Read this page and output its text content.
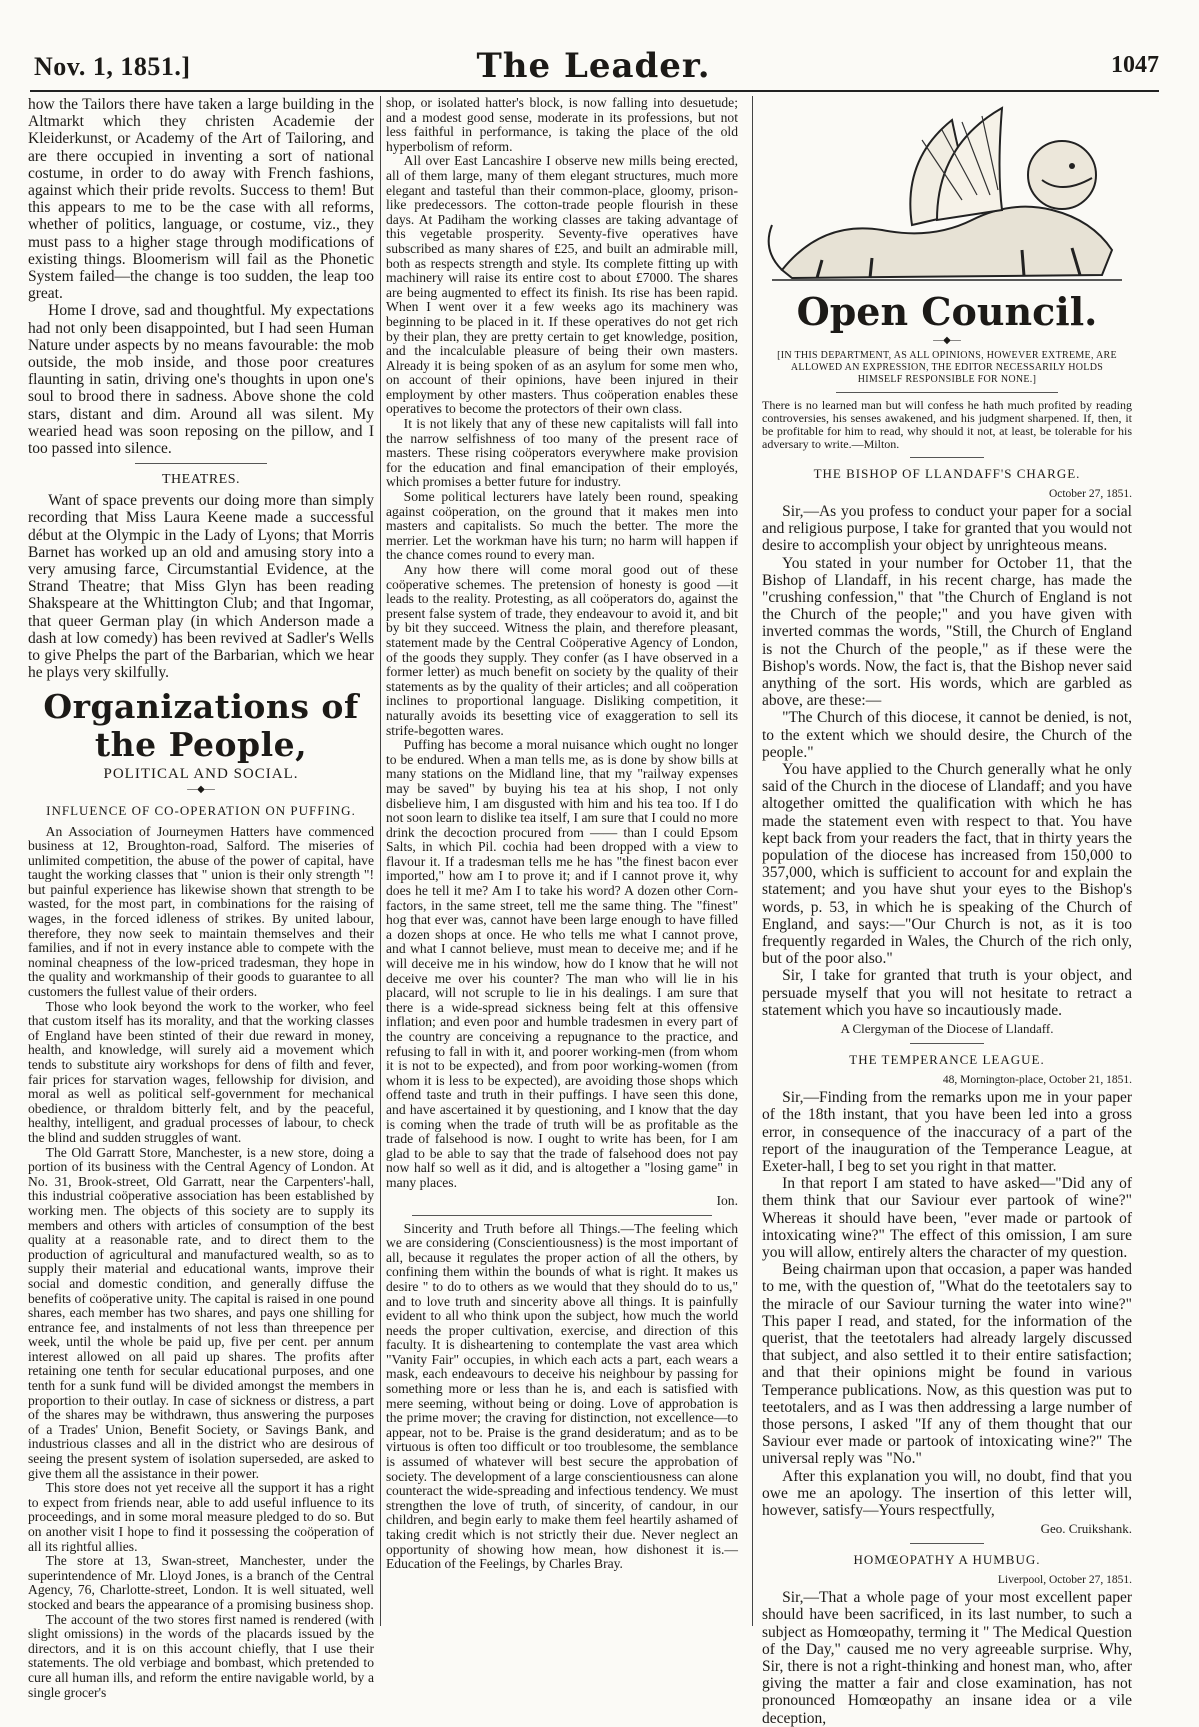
Nov. 1, 1851.]	The Leader.	1047

how the Tailors there have taken a large building in the Altmarkt which they christen Academie der Kleiderkunst, or Academy of the Art of Tailoring, and are there occupied in inventing a sort of national costume, in order to do away with French fashions, against which their pride revolts. Success to them! But this appears to me to be the case with all reforms, whether of politics, language, or costume, viz., they must pass to a higher stage through modifications of existing things. Bloomerism will fail as the Phonetic System failed—the change is too sudden, the leap too great.

Home I drove, sad and thoughtful. My expectations had not only been disappointed, but I had seen Human Nature under aspects by no means favourable: the mob outside, the mob inside, and those poor creatures flaunting in satin, driving one's thoughts in upon one's soul to brood there in sadness. Above shone the cold stars, distant and dim. Around all was silent. My wearied head was soon reposing on the pillow, and I too passed into silence.

THEATRES.

Want of space prevents our doing more than simply recording that Miss Laura Keene made a successful début at the Olympic in the Lady of Lyons; that Morris Barnet has worked up an old and amusing story into a very amusing farce, Circumstantial Evidence, at the Strand Theatre; that Miss Glyn has been reading Shakspeare at the Whittington Club; and that Ingomar, that queer German play (in which Anderson made a dash at low comedy) has been revived at Sadler's Wells to give Phelps the part of the Barbarian, which we hear he plays very skilfully.

Organizations of the People,
POLITICAL AND SOCIAL.
—◆—
INFLUENCE OF CO-OPERATION ON PUFFING.

An Association of Journeymen Hatters have commenced business at 12, Broughton-road, Salford. The miseries of unlimited competition, the abuse of the power of capital, have taught the working classes that " union is their only strength "! but painful experience has likewise shown that strength to be wasted, for the most part, in combinations for the raising of wages, in the forced idleness of strikes. By united labour, therefore, they now seek to maintain themselves and their families, and if not in every instance able to compete with the nominal cheapness of the low-priced tradesman, they hope in the quality and workmanship of their goods to guarantee to all customers the fullest value of their orders.

Those who look beyond the work to the worker, who feel that custom itself has its morality, and that the working classes of England have been stinted of their due reward in money, health, and knowledge, will surely aid a movement which tends to substitute airy workshops for dens of filth and fever, fair prices for starvation wages, fellowship for division, and moral as well as political self-government for mechanical obedience, or thraldom bitterly felt, and by the peaceful, healthy, intelligent, and gradual processes of labour, to check the blind and sudden struggles of want.

The Old Garratt Store, Manchester, is a new store, doing a portion of its business with the Central Agency of London. At No. 31, Brook-street, Old Garratt, near the Carpenters'-hall, this industrial coöperative association has been established by working men. The objects of this society are to supply its members and others with articles of consumption of the best quality at a reasonable rate, and to direct them to the production of agricultural and manufactured wealth, so as to supply their material and educational wants, improve their social and domestic condition, and generally diffuse the benefits of coöperative unity. The capital is raised in one pound shares, each member has two shares, and pays one shilling for entrance fee, and instalments of not less than threepence per week, until the whole be paid up, five per cent. per annum interest allowed on all paid up shares. The profits after retaining one tenth for secular educational purposes, and one tenth for a sunk fund will be divided amongst the members in proportion to their outlay. In case of sickness or distress, a part of the shares may be withdrawn, thus answering the purposes of a Trades' Union, Benefit Society, or Savings Bank, and industrious classes and all in the district who are desirous of seeing the present system of isolation superseded, are asked to give them all the assistance in their power.

This store does not yet receive all the support it has a right to expect from friends near, able to add useful influence to its proceedings, and in some moral measure pledged to do so. But on another visit I hope to find it possessing the coöperation of all its rightful allies.

The store at 13, Swan-street, Manchester, under the superintendence of Mr. Lloyd Jones, is a branch of the Central Agency, 76, Charlotte-street, London. It is well situated, well stocked and bears the appearance of a promising business shop.

The account of the two stores first named is rendered (with slight omissions) in the words of the placards issued by the directors, and it is on this account chiefly, that I use their statements. The old verbiage and bombast, which pretended to cure all human ills, and reform the entire navigable world, by a single grocer's

shop, or isolated hatter's block, is now falling into desuetude; and a modest good sense, moderate in its professions, but not less faithful in performance, is taking the place of the old hyperbolism of reform.

All over East Lancashire I observe new mills being erected, all of them large, many of them elegant structures, much more elegant and tasteful than their common-place, gloomy, prison-like predecessors. The cotton-trade people flourish in these days. At Padiham the working classes are taking advantage of this vegetable prosperity. Seventy-five operatives have subscribed as many shares of £25, and built an admirable mill, both as respects strength and style. Its complete fitting up with machinery will raise its entire cost to about £7000. The shares are being augmented to effect its finish. Its rise has been rapid. When I went over it a few weeks ago its machinery was beginning to be placed in it. If these operatives do not get rich by their plan, they are pretty certain to get knowledge, position, and the incalculable pleasure of being their own masters. Already it is being spoken of as an asylum for some men who, on account of their opinions, have been injured in their employment by other masters. Thus coöperation enables these operatives to become the protectors of their own class.

It is not likely that any of these new capitalists will fall into the narrow selfishness of too many of the present race of masters. These rising coöperators everywhere make provision for the education and final emancipation of their employés, which promises a better future for industry.

Some political lecturers have lately been round, speaking against coöperation, on the ground that it makes men into masters and capitalists. So much the better. The more the merrier. Let the workman have his turn; no harm will happen if the chance comes round to every man.

Any how there will come moral good out of these coöperative schemes. The pretension of honesty is good —it leads to the reality. Protesting, as all coöperators do, against the present false system of trade, they endeavour to avoid it, and bit by bit they succeed. Witness the plain, and therefore pleasant, statement made by the Central Coöperative Agency of London, of the goods they supply. They confer (as I have observed in a former letter) as much benefit on society by the quality of their statements as by the quality of their articles; and all coöperation inclines to proportional language. Disliking competition, it naturally avoids its besetting vice of exaggeration to sell its strife-begotten wares.

Puffing has become a moral nuisance which ought no longer to be endured. When a man tells me, as is done by show bills at many stations on the Midland line, that my "railway expenses may be saved" by buying his tea at his shop, I not only disbelieve him, I am disgusted with him and his tea too. If I do not soon learn to dislike tea itself, I am sure that I could no more drink the decoction procured from —— than I could Epsom Salts, in which Pil. cochia had been dropped with a view to flavour it. If a tradesman tells me he has "the finest bacon ever imported," how am I to prove it; and if I cannot prove it, why does he tell it me? Am I to take his word? A dozen other Corn-factors, in the same street, tell me the same thing. The "finest" hog that ever was, cannot have been large enough to have filled a dozen shops at once. He who tells me what I cannot prove, and what I cannot believe, must mean to deceive me; and if he will deceive me in his window, how do I know that he will not deceive me over his counter? The man who will lie in his placard, will not scruple to lie in his dealings. I am sure that there is a wide-spread sickness being felt at this offensive inflation; and even poor and humble tradesmen in every part of the country are conceiving a repugnance to the practice, and refusing to fall in with it, and poorer working-men (from whom it is not to be expected), and from poor working-women (from whom it is less to be expected), are avoiding those shops which offend taste and truth in their puffings. I have seen this done, and have ascertained it by questioning, and I know that the day is coming when the trade of truth will be as profitable as the trade of falsehood is now. I ought to write has been, for I am glad to be able to say that the trade of falsehood does not pay now half so well as it did, and is altogether a "losing game" in many places.

Ion.

Sincerity and Truth before all Things.—The feeling which we are considering (Conscientiousness) is the most important of all, because it regulates the proper action of all the others, by confining them within the bounds of what is right. It makes us desire " to do to others as we would that they should do to us," and to love truth and sincerity above all things. It is painfully evident to all who think upon the subject, how much the world needs the proper cultivation, exercise, and direction of this faculty. It is disheartening to contemplate the vast area which "Vanity Fair" occupies, in which each acts a part, each wears a mask, each endeavours to deceive his neighbour by passing for something more or less than he is, and each is satisfied with mere seeming, without being or doing. Love of approbation is the prime mover; the craving for distinction, not excellence—to appear, not to be. Praise is the grand desideratum; and as to be virtuous is often too difficult or too troublesome, the semblance is assumed of whatever will best secure the approbation of society. The development of a large conscientiousness can alone counteract the wide-spreading and infectious tendency. We must strengthen the love of truth, of sincerity, of candour, in our children, and begin early to make them feel heartily ashamed of taking credit which is not strictly their due. Never neglect an opportunity of showing how mean, how dishonest it is.—Education of the Feelings, by Charles Bray.

Open Council.
—◆—
[IN THIS DEPARTMENT, AS ALL OPINIONS, HOWEVER EXTREME, ARE ALLOWED AN EXPRESSION, THE EDITOR NECESSARILY HOLDS HIMSELF RESPONSIBLE FOR NONE.]
There is no learned man but will confess he hath much profited by reading controversies, his senses awakened, and his judgment sharpened. If, then, it be profitable for him to read, why should it not, at least, be tolerable for his adversary to write.—Milton.
THE BISHOP OF LLANDAFF'S CHARGE.
October 27, 1851.

Sir,—As you profess to conduct your paper for a social and religious purpose, I take for granted that you would not desire to accomplish your object by unrighteous means.

You stated in your number for October 11, that the Bishop of Llandaff, in his recent charge, has made the "crushing confession," that "the Church of England is not the Church of the people;" and you have given with inverted commas the words, "Still, the Church of England is not the Church of the people," as if these were the Bishop's words. Now, the fact is, that the Bishop never said anything of the sort. His words, which are garbled as above, are these:—

"The Church of this diocese, it cannot be denied, is not, to the extent which we should desire, the Church of the people."

You have applied to the Church generally what he only said of the Church in the diocese of Llandaff; and you have altogether omitted the qualification with which he has made the statement even with respect to that. You have kept back from your readers the fact, that in thirty years the population of the diocese has increased from 150,000 to 357,000, which is sufficient to account for and explain the statement; and you have shut your eyes to the Bishop's words, p. 53, in which he is speaking of the Church of England, and says:—"Our Church is not, as it is too frequently regarded in Wales, the Church of the rich only, but of the poor also."

Sir, I take for granted that truth is your object, and persuade myself that you will not hesitate to retract a statement which you have so incautiously made.

A Clergyman of the Diocese of Llandaff.
THE TEMPERANCE LEAGUE.
48, Mornington-place, October 21, 1851.

Sir,—Finding from the remarks upon me in your paper of the 18th instant, that you have been led into a gross error, in consequence of the inaccuracy of a part of the report of the inauguration of the Temperance League, at Exeter-hall, I beg to set you right in that matter.

In that report I am stated to have asked—"Did any of them think that our Saviour ever partook of wine?" Whereas it should have been, "ever made or partook of intoxicating wine?" The effect of this omission, I am sure you will allow, entirely alters the character of my question.

Being chairman upon that occasion, a paper was handed to me, with the question of, "What do the teetotalers say to the miracle of our Saviour turning the water into wine?" This paper I read, and stated, for the information of the querist, that the teetotalers had already largely discussed that subject, and also settled it to their entire satisfaction; and that their opinions might be found in various Temperance publications. Now, as this question was put to teetotalers, and as I was then addressing a large number of those persons, I asked "If any of them thought that our Saviour ever made or partook of intoxicating wine?" The universal reply was "No."

After this explanation you will, no doubt, find that you owe me an apology. The insertion of this letter will, however, satisfy—Yours respectfully,

Geo. Cruikshank.
HOMŒOPATHY A HUMBUG.
Liverpool, October 27, 1851.

Sir,—That a whole page of your most excellent paper should have been sacrificed, in its last number, to such a subject as Homœopathy, terming it " The Medical Question of the Day," caused me no very agreeable surprise. Why, Sir, there is not a right-thinking and honest man, who, after giving the matter a fair and close examination, has not pronounced Homœopathy an insane idea or a vile deception,
